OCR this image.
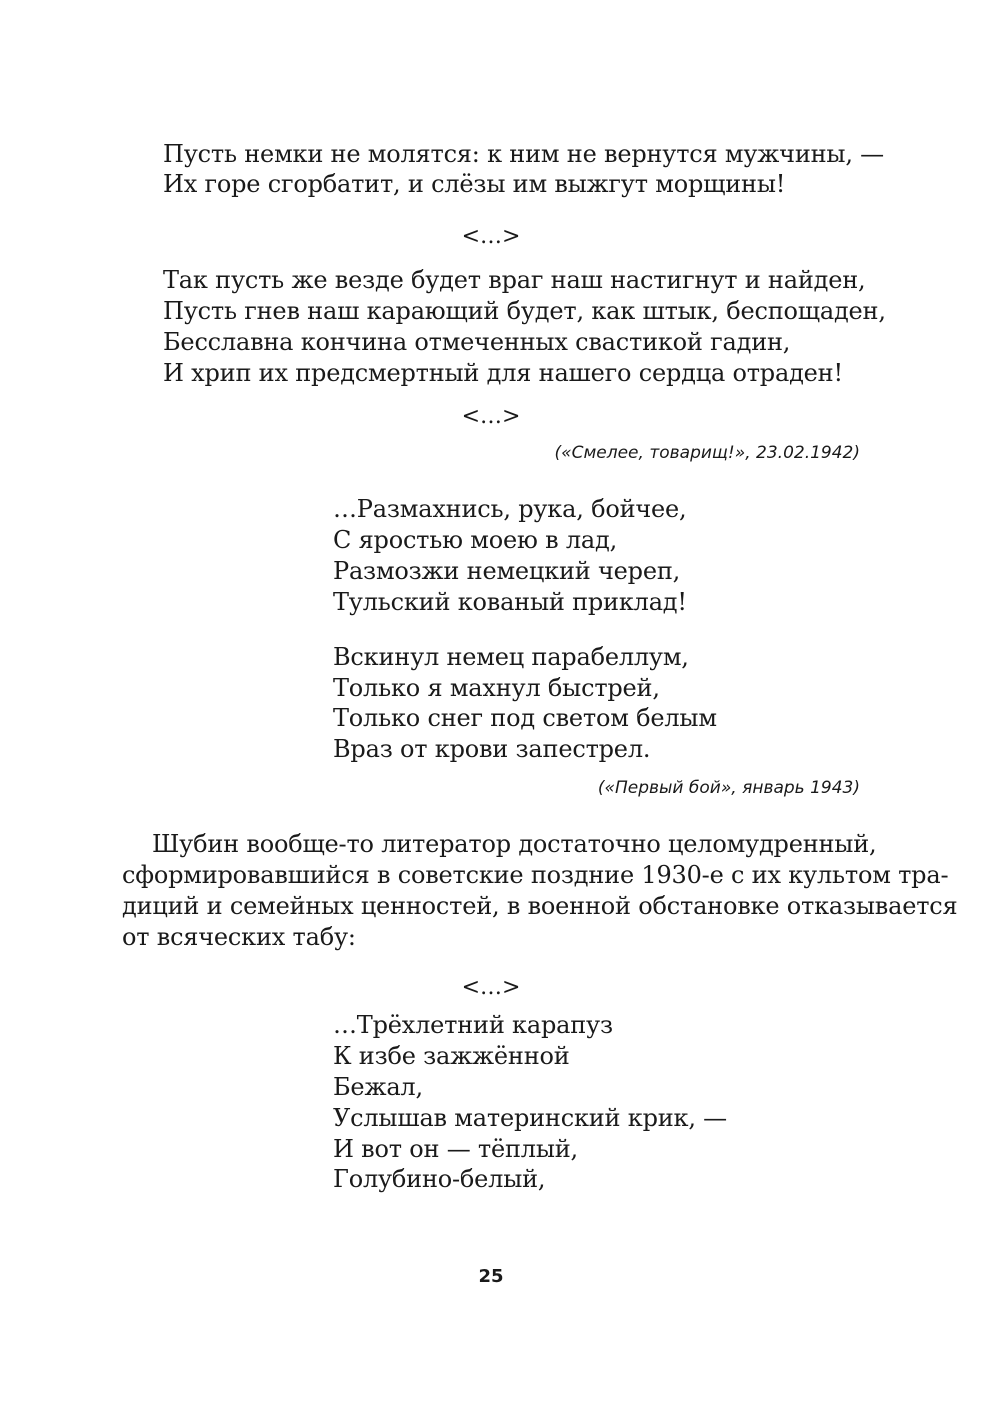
Пусть немки не молятся: к ним не вернутся мужчины, —
Их горе сгорбатит, и слёзы им выжгут морщины!
<…>
Так пусть же везде будет враг наш настигнут и найден,
Пусть гнев наш карающий будет, как штык, беспощаден,
Бесславна кончина отмеченных свастикой гадин,
И хрип их предсмертный для нашего сердца отраден!
<…>
(«Смелее, товарищ!», 23.02.1942)
…Размахнись, рука, бойчее,
С яростью моею в лад,
Размозжи немецкий череп,
Тульский кованый приклад!
Вскинул немец парабеллум,
Только я махнул быстрей,
Только снег под светом белым
Враз от крови запестрел.
(«Первый бой», январь 1943)
Шубин вообще-то литератор достаточно целомудренный,
сформировавшийся в советские поздние 1930-е с их культом тра-
диций и семейных ценностей, в военной обстановке отказывается
от всяческих табу:
<…>
…Трёхлетний карапуз
К избе зажжённой
Бежал,
Услышав материнский крик, —
И вот он — тёплый,
Голубино-белый,
25
